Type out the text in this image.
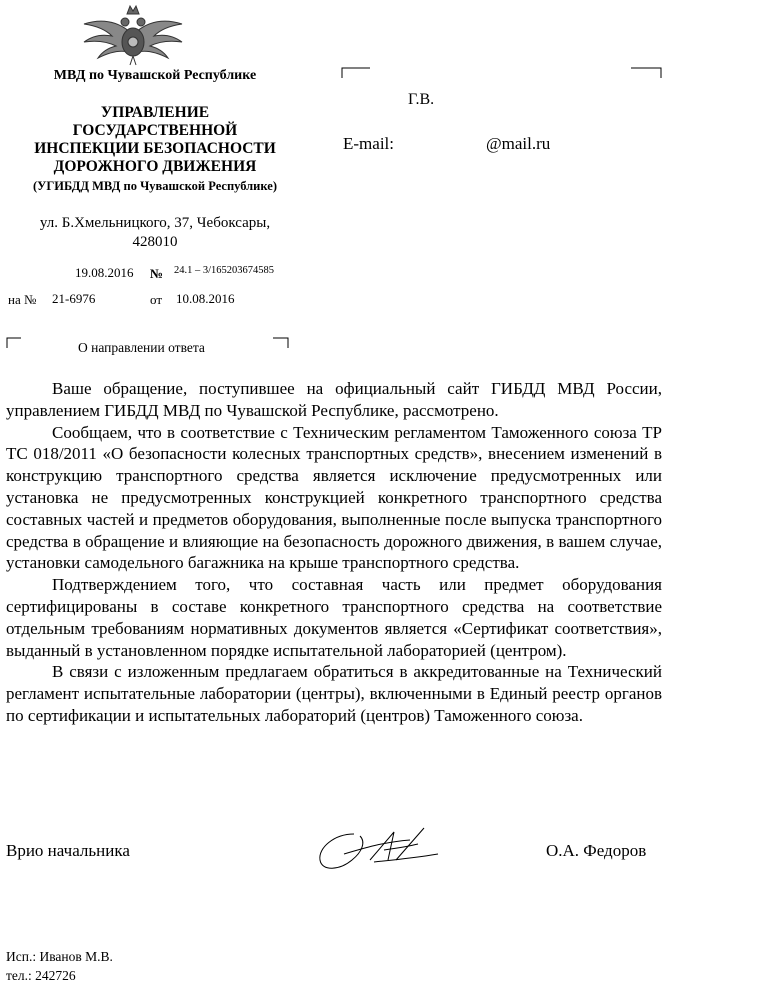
МВД по Чувашской Республике
УПРАВЛЕНИЕ
ГОСУДАРСТВЕННОЙ
ИНСПЕКЦИИ БЕЗОПАСНОСТИ
ДОРОЖНОГО ДВИЖЕНИЯ
(УГИБДД МВД по Чувашской Республике)
ул. Б.Хмельницкого, 37, Чебоксары,
428010
19.08.2016 № 24.1 – 3/165203674585
на № 21-6976	от 10.08.2016
Г.В.
E-mail:	@mail.ru
О направлении ответа

Ваше обращение, поступившее на официальный сайт ГИБДД МВД России, управлением ГИБДД МВД по Чувашской Республике, рассмотрено.

Сообщаем, что в соответствие с Техническим регламентом Таможенного союза ТР ТС 018/2011 «О безопасности колесных транспортных средств», внесением изменений в конструкцию транспортного средства является исключение предусмотренных или установка не предусмотренных конструкцией конкретного транспортного средства составных частей и предметов оборудования, выполненные после выпуска транспортного средства в обращение и влияющие на безопасность дорожного движения, в вашем случае, установки самодельного багажника на крыше транспортного средства.

Подтверждением того, что составная часть или предмет оборудования сертифицированы в составе конкретного транспортного средства на соответствие отдельным требованиям нормативных документов является «Сертификат соответствия», выданный в установленном порядке испытательной лабораторией (центром).

В связи с изложенным предлагаем обратиться в аккредитованные на Технический регламент испытательные лаборатории (центры), включенными в Единый реестр органов по сертификации и испытательных лабораторий (центров) Таможенного союза.

Врио начальника	О.А. Федоров
Исп.: Иванов М.В.
тел.: 242726
